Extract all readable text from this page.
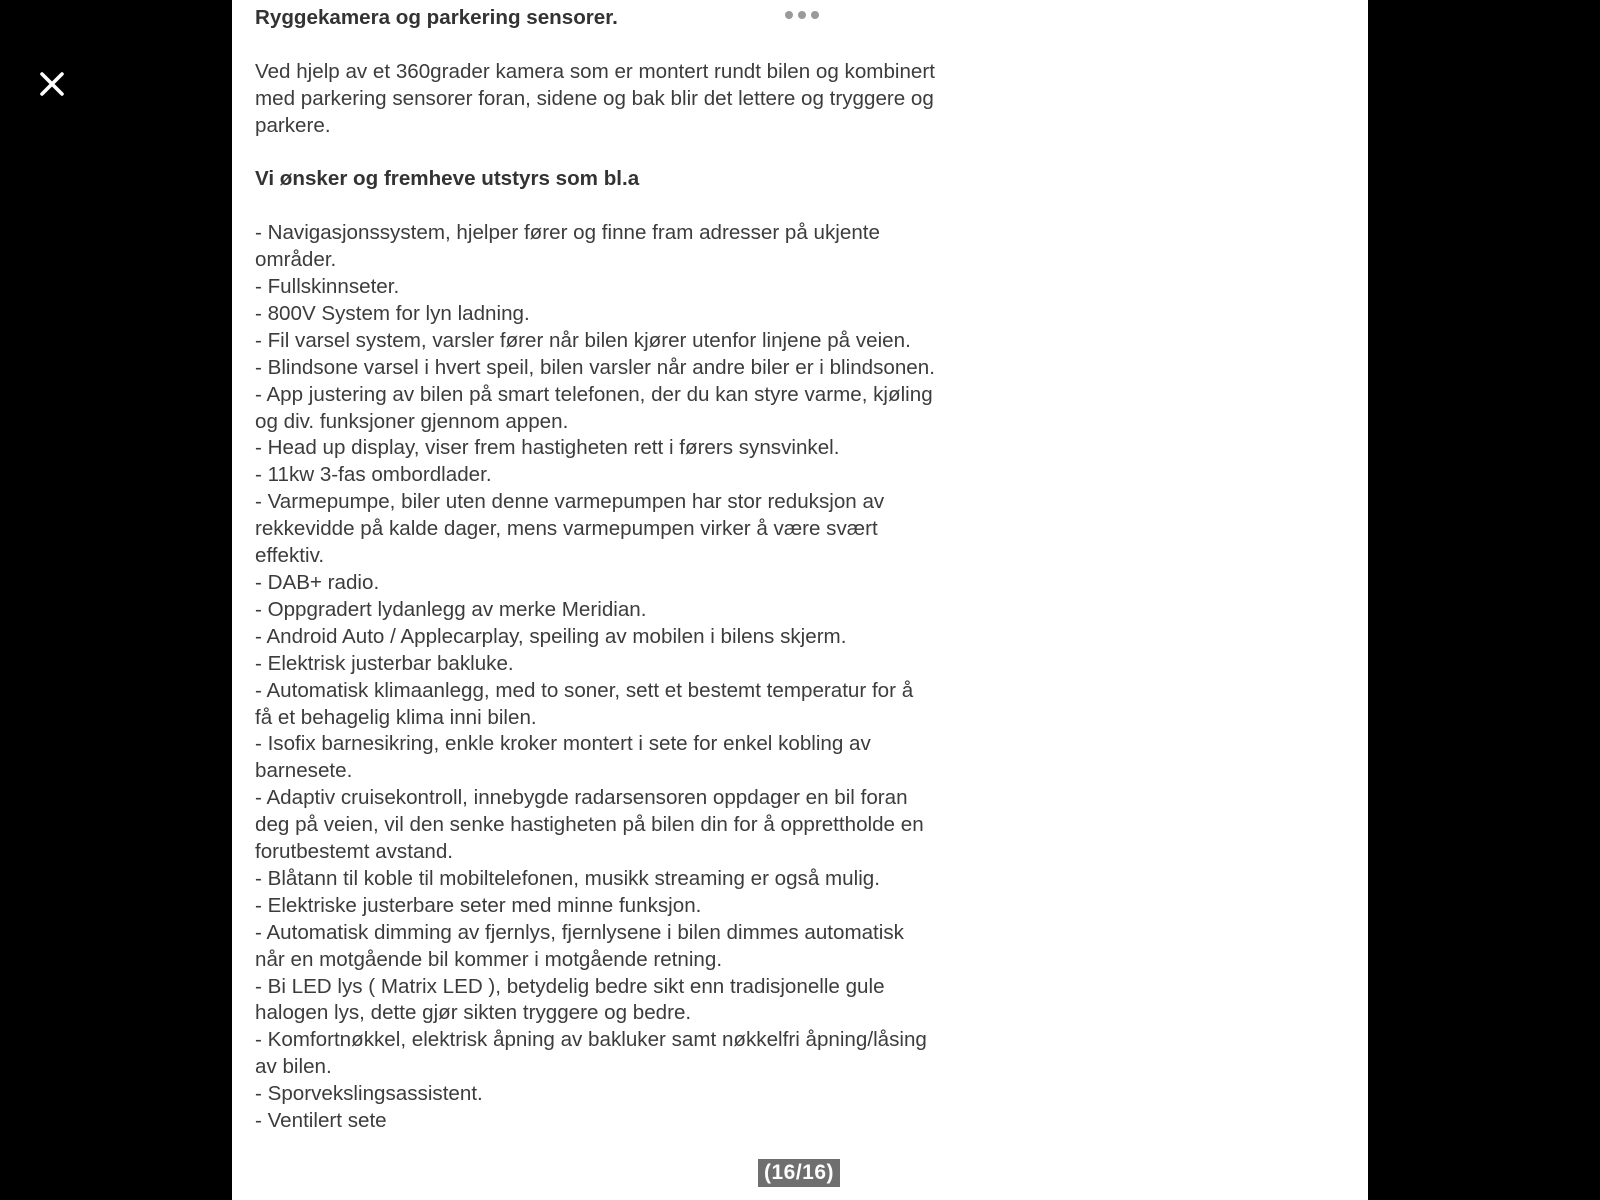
Ryggekamera og parkering sensorer.

Ved hjelp av et 360grader kamera som er montert rundt bilen og kombinert med parkering sensorer foran, sidene og bak blir det lettere og tryggere og parkere.

Vi ønsker og fremheve utstyrs som bl.a

- Navigasjonssystem, hjelper fører og finne fram adresser på ukjente områder.
- Fullskinnseter.
- 800V System for lyn ladning.
- Fil varsel system, varsler fører når bilen kjører utenfor linjene på veien.
- Blindsone varsel i hvert speil, bilen varsler når andre biler er i blindsonen.
- App justering av bilen på smart telefonen, der du kan styre varme, kjøling og div. funksjoner gjennom appen.
- Head up display, viser frem hastigheten rett i førers synsvinkel.
- 11kw 3-fas ombordlader.
- Varmepumpe, biler uten denne varmepumpen har stor reduksjon av rekkevidde på kalde dager, mens varmepumpen virker å være svært effektiv.
- DAB+ radio.
- Oppgradert lydanlegg av merke Meridian.
- Android Auto / Applecarplay, speiling av mobilen i bilens skjerm.
- Elektrisk justerbar bakluke.
- Automatisk klimaanlegg, med to soner, sett et bestemt temperatur for å få et behagelig klima inni bilen.
- Isofix barnesikring, enkle kroker montert i sete for enkel kobling av barnesete.
- Adaptiv cruisekontroll, innebygde radarsensoren oppdager en bil foran deg på veien, vil den senke hastigheten på bilen din for å opprettholde en forutbestemt avstand.
- Blåtann til koble til mobiltelefonen, musikk streaming er også mulig.
- Elektriske justerbare seter med minne funksjon.
- Automatisk dimming av fjernlys, fjernlysene i bilen dimmes automatisk når en motgående bil kommer i motgående retning.
- Bi LED lys ( Matrix LED ), betydelig bedre sikt enn tradisjonelle gule halogen lys, dette gjør sikten tryggere og bedre.
- Komfortnøkkel, elektrisk åpning av bakluker samt nøkkelfri åpning/låsing av bilen.
- Sporvekslingsassistent.
- Ventilert sete
(16/16)
